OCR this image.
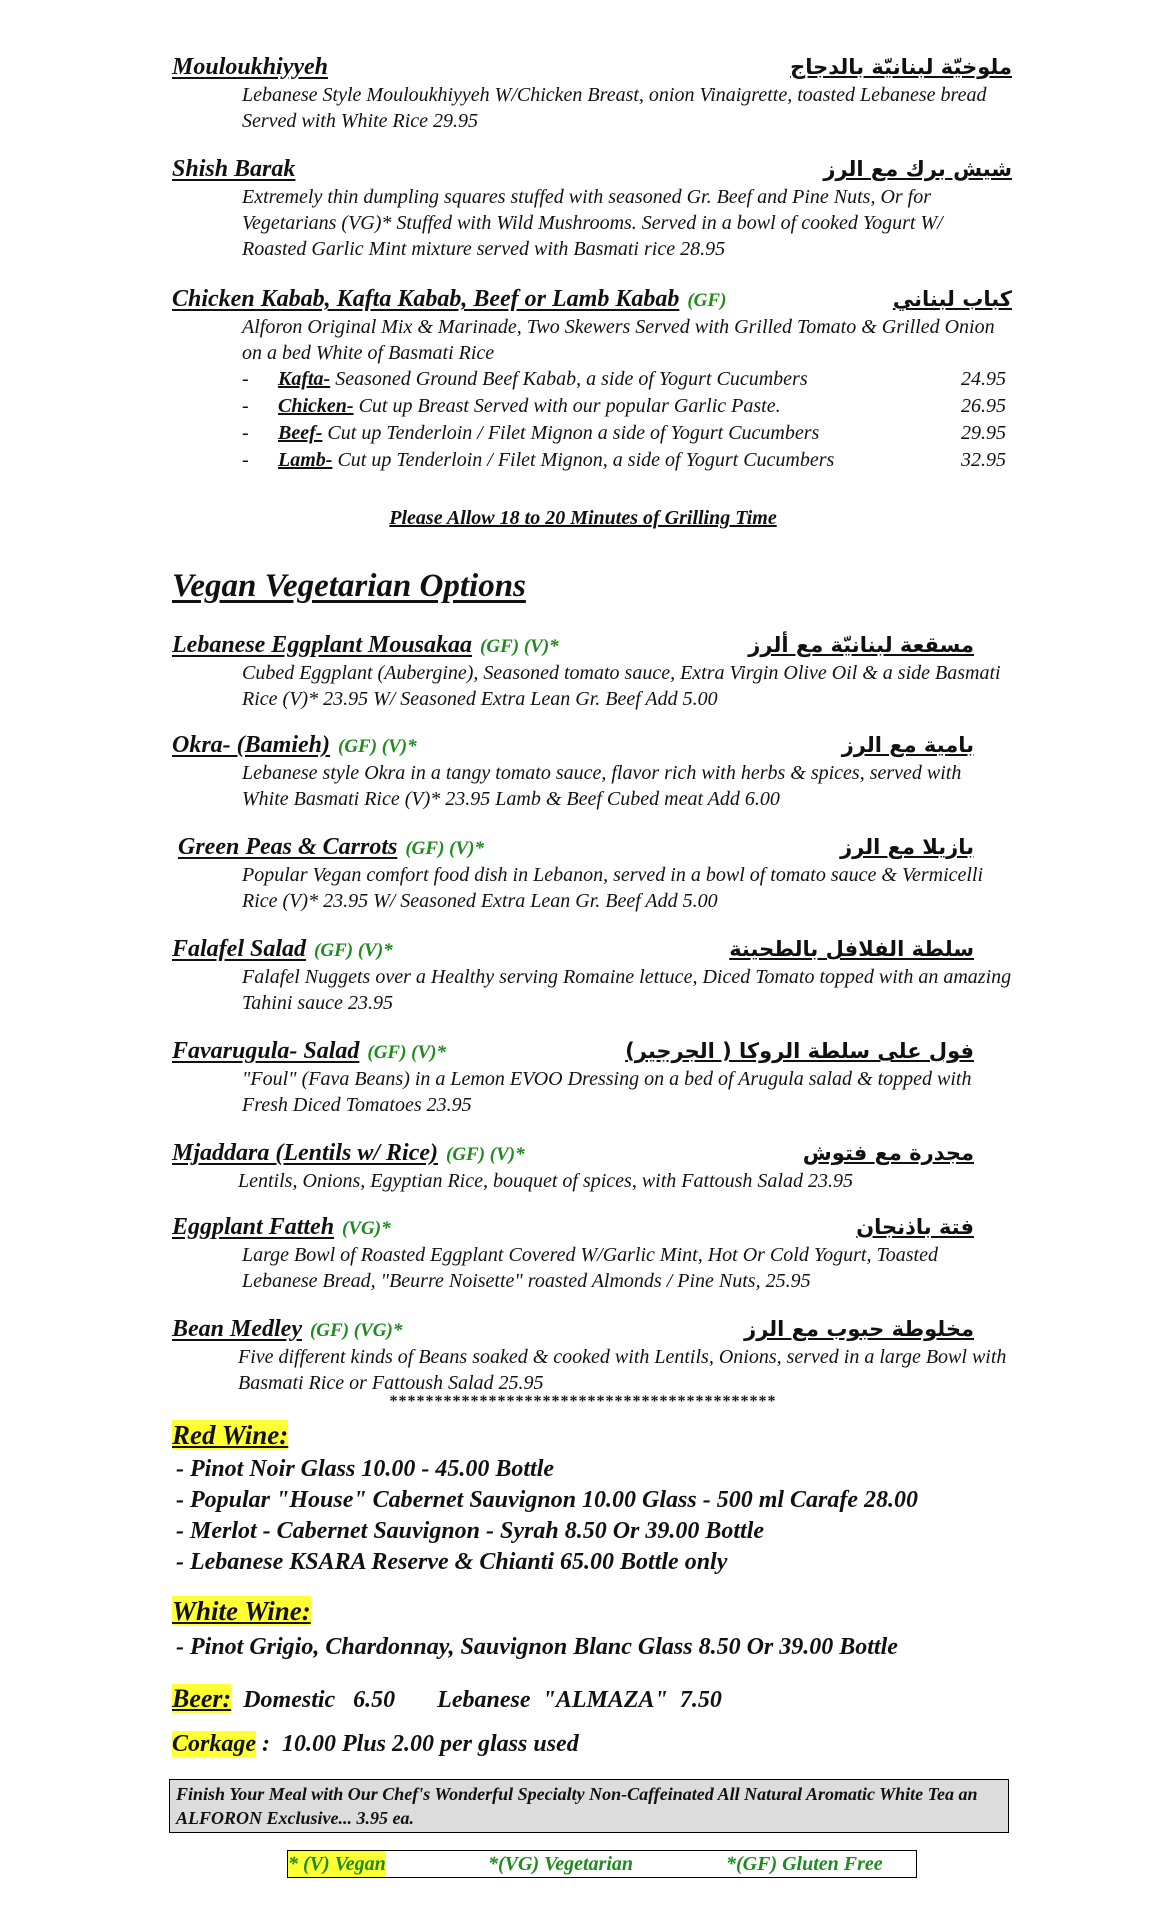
Mouloukhiyyeh	ملوخيّة لبنانيّة بالدجاج
Lebanese Style Mouloukhiyyeh W/Chicken Breast, onion Vinaigrette, toasted Lebanese bread Served with White Rice 29.95
Shish Barak	شيش برك مع الرز
Extremely thin dumpling squares stuffed with seasoned Gr. Beef and Pine Nuts, Or for Vegetarians (VG)* Stuffed with Wild Mushrooms. Served in a bowl of cooked Yogurt W/ Roasted Garlic Mint mixture served with Basmati rice 28.95
Chicken Kabab, Kafta Kabab, Beef or Lamb Kabab (GF)	كباب لبناني
Alforon Original Mix & Marinade, Two Skewers Served with Grilled Tomato & Grilled Onion on a bed White of Basmati Rice
- Kafta- Seasoned Ground Beef Kabab, a side of Yogurt Cucumbers	24.95
- Chicken- Cut up Breast Served with our popular Garlic Paste.	26.95
- Beef- Cut up Tenderloin / Filet Mignon a side of Yogurt Cucumbers	29.95
- Lamb- Cut up Tenderloin / Filet Mignon, a side of Yogurt Cucumbers	32.95
Please Allow 18 to 20 Minutes of Grilling Time
Vegan Vegetarian Options
Lebanese Eggplant Mousakaa (GF) (V)*	مسقعة لبنانيّة مع ألرز
Cubed Eggplant (Aubergine), Seasoned tomato sauce, Extra Virgin Olive Oil & a side Basmati Rice (V)* 23.95 W/ Seasoned Extra Lean Gr. Beef Add 5.00
Okra- (Bamieh) (GF) (V)*	بامية مع الرز
Lebanese style Okra in a tangy tomato sauce, flavor rich with herbs & spices, served with White Basmati Rice (V)* 23.95 Lamb & Beef Cubed meat Add 6.00
Green Peas & Carrots (GF) (V)*	بازيلا مع الرز
Popular Vegan comfort food dish in Lebanon, served in a bowl of tomato sauce & Vermicelli Rice (V)* 23.95 W/ Seasoned Extra Lean Gr. Beef Add 5.00
Falafel Salad (GF) (V)*	سلطة الفلافل بالطحينة
Falafel Nuggets over a Healthy serving Romaine lettuce, Diced Tomato topped with an amazing Tahini sauce 23.95
Favarugula- Salad (GF) (V)*	فول على سلطة الروكا ( الجرجير)
"Foul" (Fava Beans) in a Lemon EVOO Dressing on a bed of Arugula salad & topped with Fresh Diced Tomatoes 23.95
Mjaddara (Lentils w/ Rice) (GF) (V)*	مجدرة مع فتوش
Lentils, Onions, Egyptian Rice, bouquet of spices, with Fattoush Salad 23.95
Eggplant Fatteh (VG)*	فتة باذنجان
Large Bowl of Roasted Eggplant Covered W/Garlic Mint, Hot Or Cold Yogurt, Toasted Lebanese Bread, "Beurre Noisette" roasted Almonds / Pine Nuts, 25.95
Bean Medley (GF) (VG)*	مخلوطة حبوب مع الرز
Five different kinds of Beans soaked & cooked with Lentils, Onions, served in a large Bowl with Basmati Rice or Fattoush Salad 25.95
*******************************************
Red Wine:
- Pinot Noir Glass 10.00 - 45.00 Bottle
- Popular "House" Cabernet Sauvignon 10.00 Glass - 500 ml Carafe 28.00
- Merlot - Cabernet Sauvignon - Syrah 8.50 Or 39.00 Bottle
- Lebanese KSARA Reserve & Chianti 65.00 Bottle only
White Wine:
- Pinot Grigio, Chardonnay, Sauvignon Blanc Glass 8.50 Or 39.00 Bottle
Beer:  Domestic   6.50       Lebanese  "ALMAZA"  7.50
Corkage :  10.00 Plus 2.00 per glass used
Finish Your Meal with Our Chef's Wonderful Specialty Non-Caffeinated All Natural Aromatic White Tea an ALFORON Exclusive... 3.95 ea.
* (V) Vegan	*(VG) Vegetarian	*(GF) Gluten Free
